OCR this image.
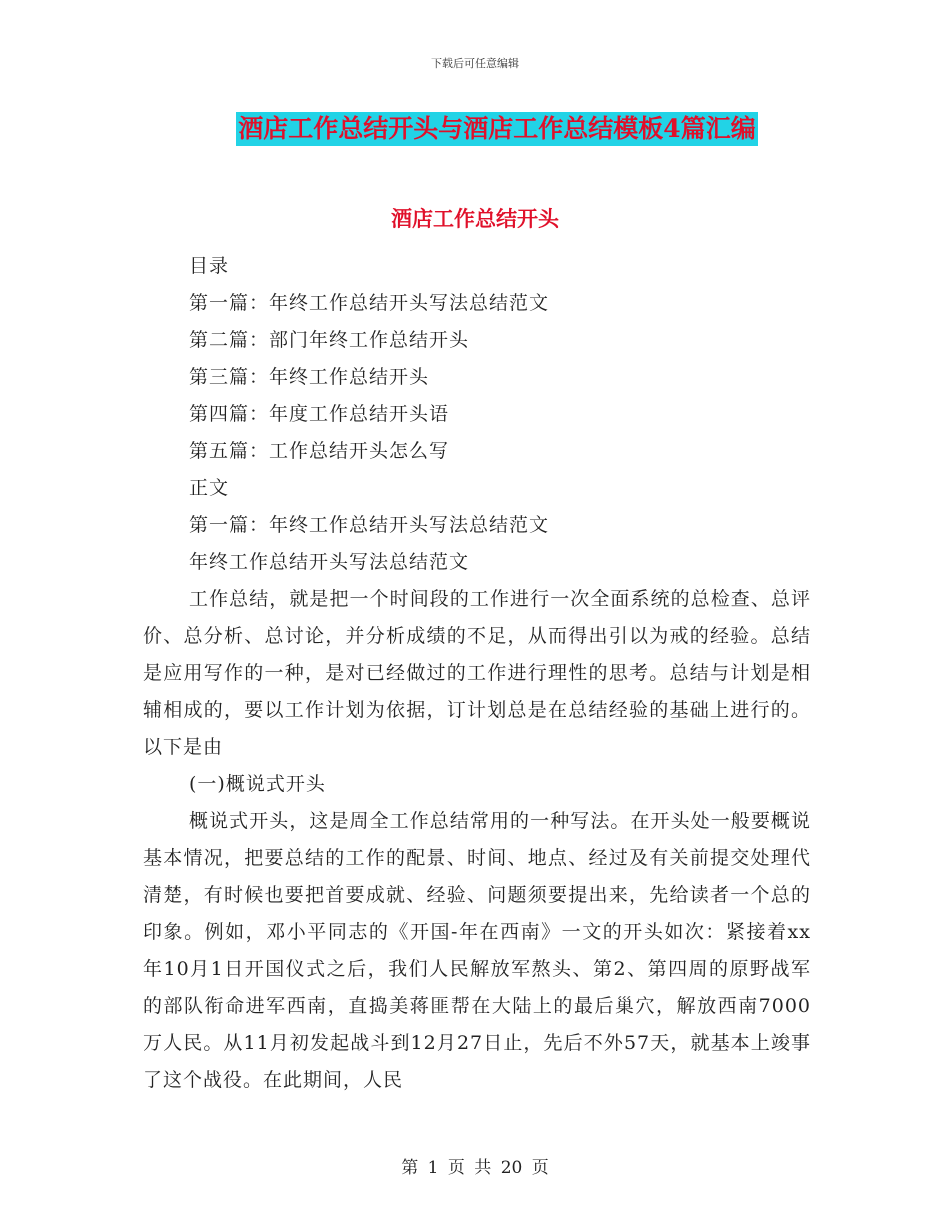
下载后可任意编辑
酒店工作总结开头与酒店工作总结模板4篇汇编
酒店工作总结开头

目录

第一篇：年终工作总结开头写法总结范文

第二篇：部门年终工作总结开头

第三篇：年终工作总结开头

第四篇：年度工作总结开头语

第五篇：工作总结开头怎么写

正文

第一篇：年终工作总结开头写法总结范文

年终工作总结开头写法总结范文

工作总结，就是把一个时间段的工作进行一次全面系统的总检查、总评价、总分析、总讨论，并分析成绩的不足，从而得出引以为戒的经验。总结是应用写作的一种，是对已经做过的工作进行理性的思考。总结与计划是相辅相成的，要以工作计划为依据，订计划总是在总结经验的基础上进行的。以下是由

(一)概说式开头

概说式开头，这是周全工作总结常用的一种写法。在开头处一般要概说基本情况，把要总结的工作的配景、时间、地点、经过及有关前提交处理代清楚，有时候也要把首要成就、经验、问题须要提出来，先给读者一个总的印象。例如，邓小平同志的《开国-年在西南》一文的开头如次：紧接着xx年10月1日开国仪式之后，我们人民解放军熬头、第2、第四周的原野战军的部队衔命进军西南，直捣美蒋匪帮在大陆上的最后巢穴，解放西南7000万人民。从11月初发起战斗到12月27日止，先后不外57天，就基本上竣事了这个战役。在此期间，人民

第 1 页 共 20 页
